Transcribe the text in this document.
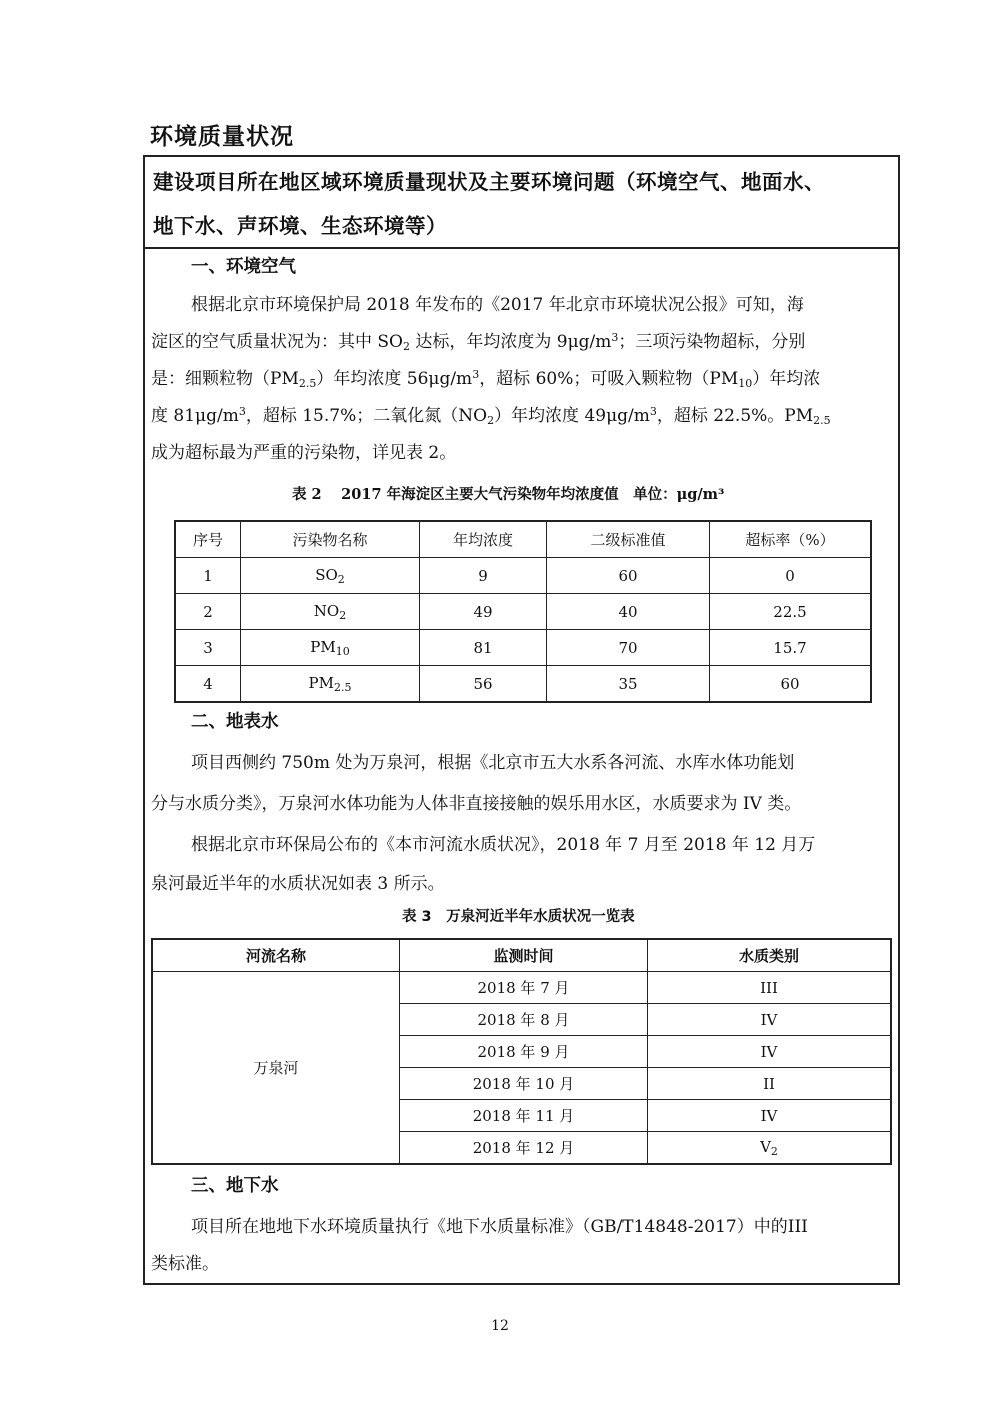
环境质量状况
建设项目所在地区域环境质量现状及主要环境问题（环境空气、地面水、
地下水、声环境、生态环境等）
一、环境空气
根据北京市环境保护局 2018 年发布的《2017 年北京市环境状况公报》可知，海
淀区的空气质量状况为：其中 $SO_2$ 达标，年均浓度为 $9\mu g/m^3$；三项污染物超标，分别
是：细颗粒物$(PM_{2.5})$年均浓度 $56\mu g/m^3$，超标 60%；可吸入颗粒物$(PM_{10})$年均浓
度 $81\mu g/m^3$，超标 15.7%；二氧化氮$(NO_2)$年均浓度 $49\mu g/m^3$，超标 22.5%。$PM_{2.5}$
成为超标最为严重的污染物，详见表 2。
表 2　 2017 年海淀区主要大气污染物年均浓度值　单位：μg/m³
序号	污染物名称	年均浓度	二级标准值	超标率（%）
1	$SO_2$	9	60	0
2	$NO_2$	49	40	22.5
3	$PM_{10}$	81	70	15.7
4	$PM_{2.5}$	56	35	60
二、地表水
项目西侧约 750m 处为万泉河，根据《北京市五大水系各河流、水库水体功能划
分与水质分类》，万泉河水体功能为人体非直接接触的娱乐用水区，水质要求为 IV 类。
根据北京市环保局公布的《本市河流水质状况》，2018 年 7 月至 2018 年 12 月万
泉河最近半年的水质状况如表 3 所示。
表 3　万泉河近半年水质状况一览表
河流名称	监测时间	水质类别
万泉河	2018 年 7 月	III
	2018 年 8 月	IV
	2018 年 9 月	IV
	2018 年 10 月	II
	2018 年 11 月	IV
	2018 年 12 月	$V_2$
三、地下水
项目所在地地下水环境质量执行《地下水质量标准》（GB/T14848-2017）中的III
类标准。
12
